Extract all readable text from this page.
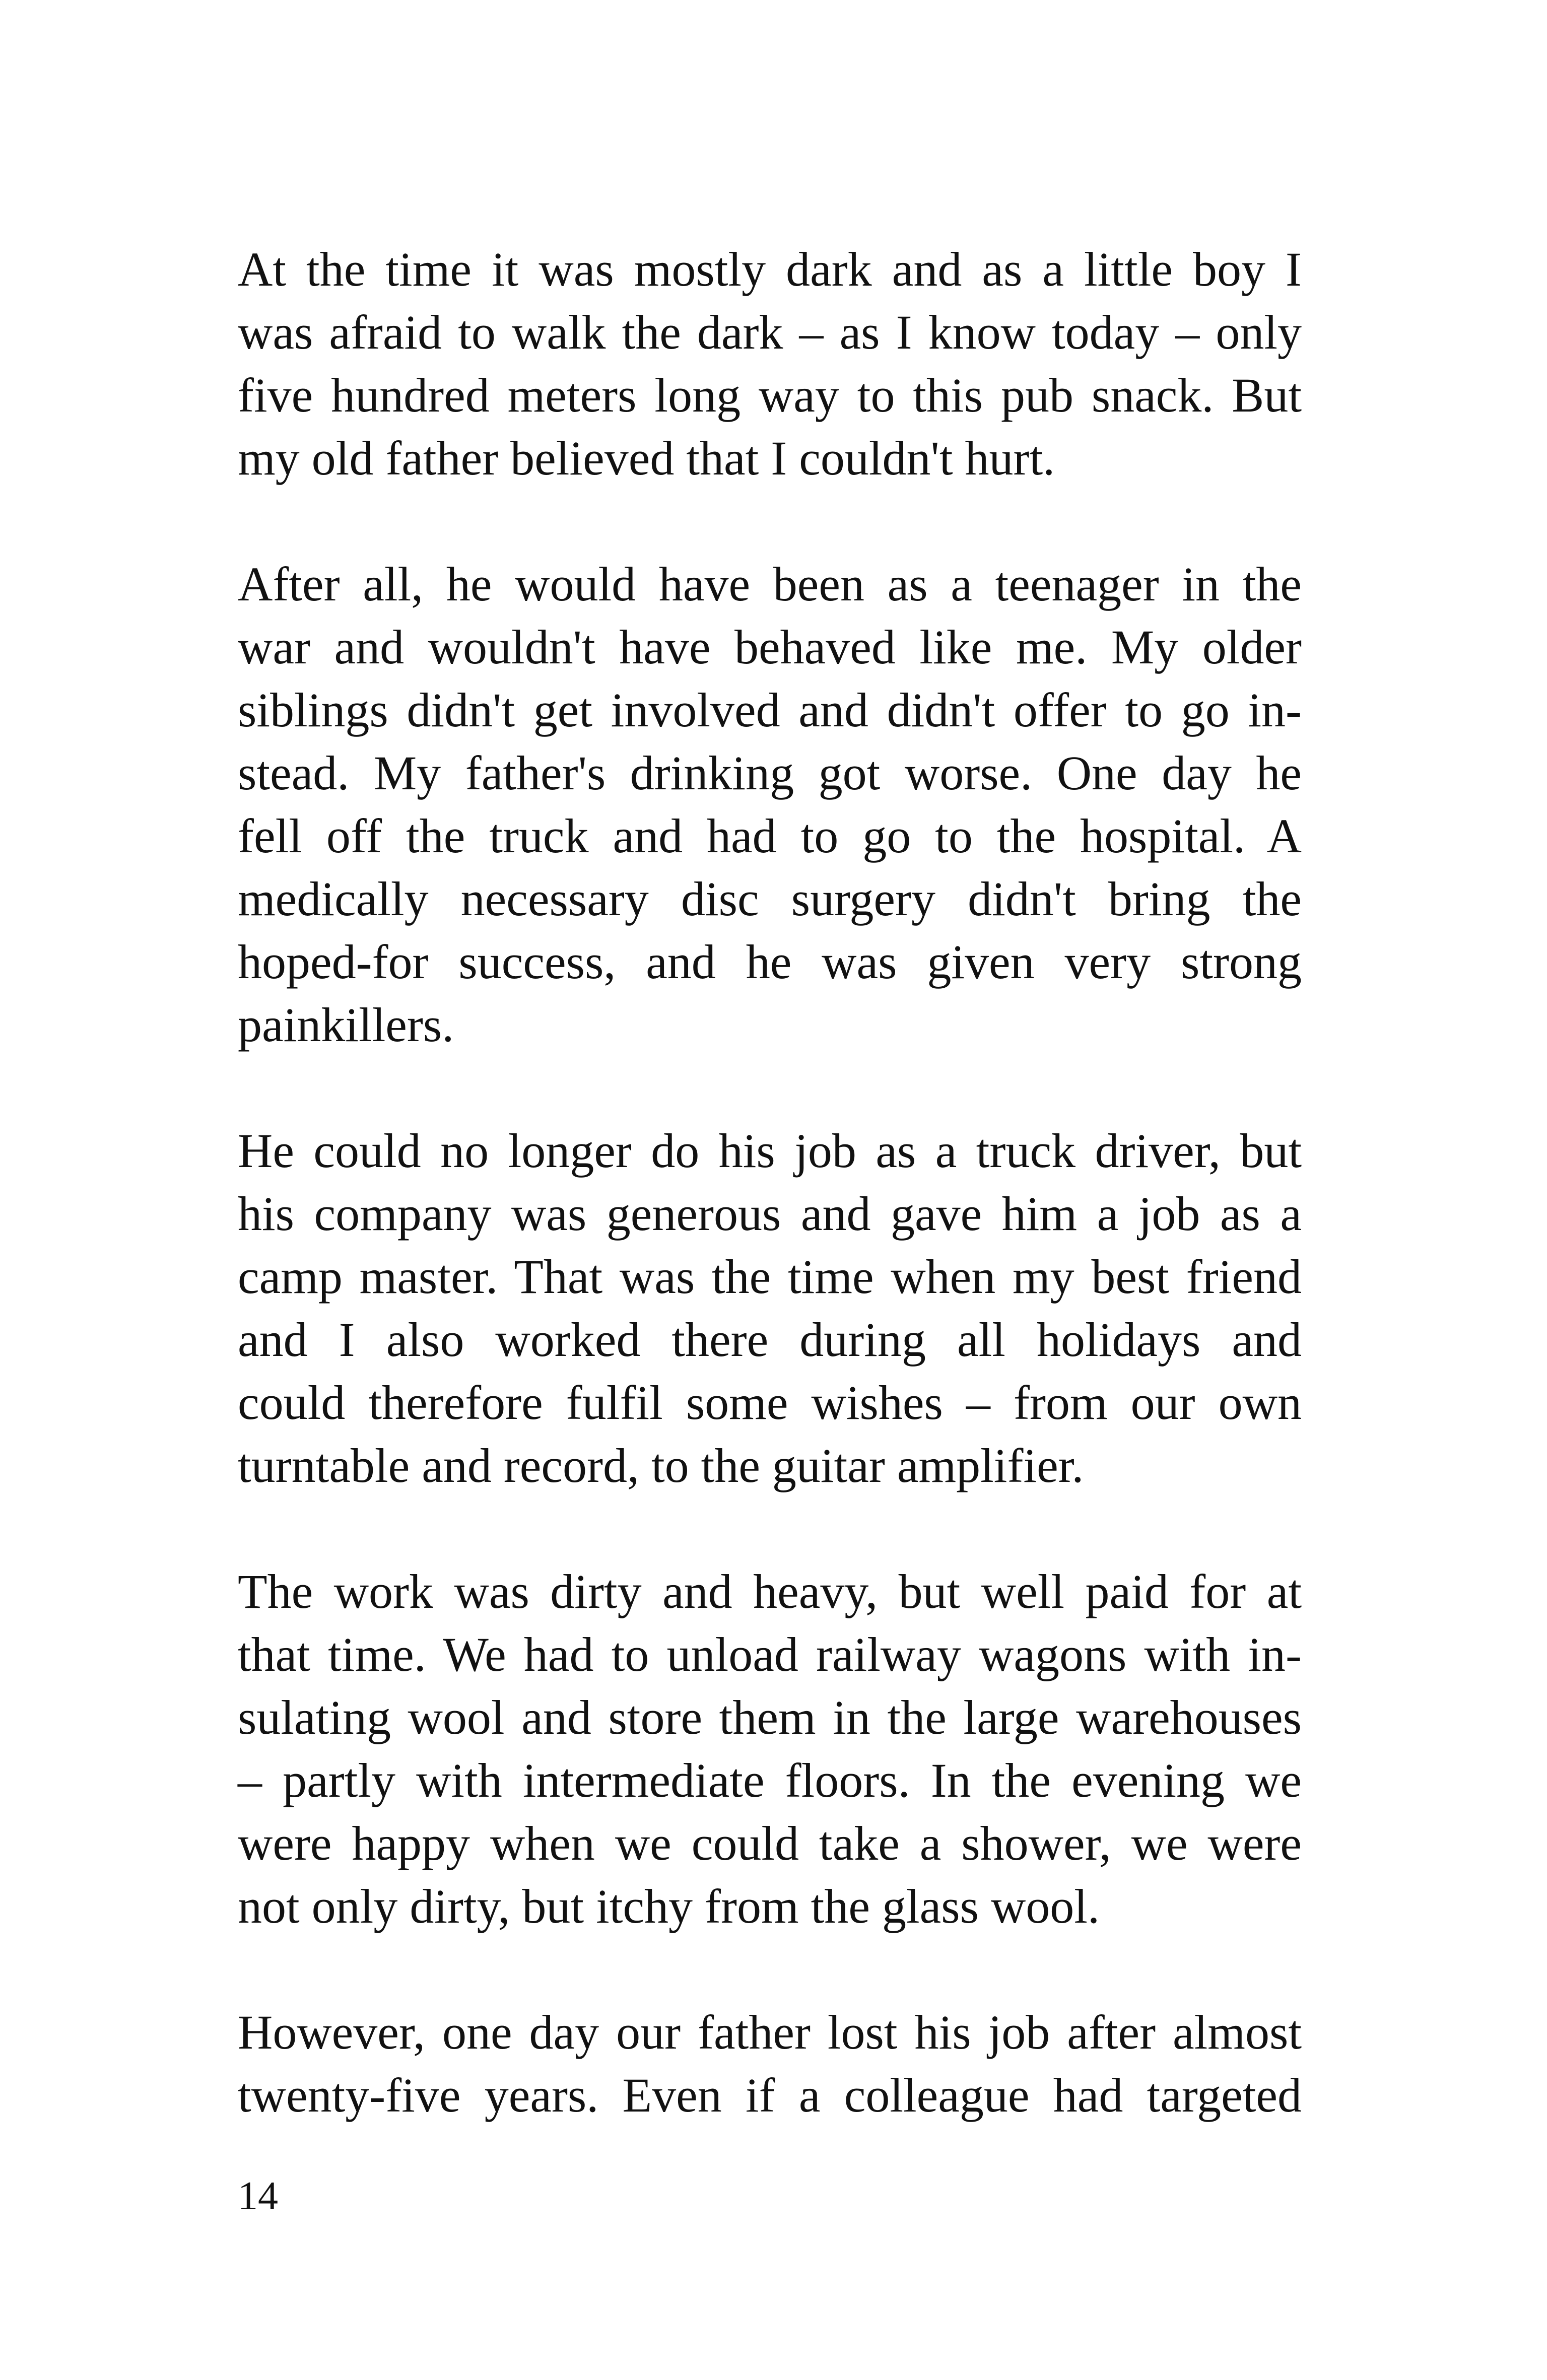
At the time it was mostly dark and as a little boy I
was afraid to walk the dark – as I know today – only
five hundred meters long way to this pub snack. But
my old father believed that I couldn't hurt.

After all, he would have been as a teenager in the
war and wouldn't have behaved like me. My older
siblings didn't get involved and didn't offer to go in-
stead. My father's drinking got worse. One day he
fell off the truck and had to go to the hospital. A
medically necessary disc surgery didn't bring the
hoped-for success, and he was given very strong
painkillers.

He could no longer do his job as a truck driver, but
his company was generous and gave him a job as a
camp master. That was the time when my best friend
and I also worked there during all holidays and
could therefore fulfil some wishes – from our own
turntable and record, to the guitar amplifier.

The work was dirty and heavy, but well paid for at
that time. We had to unload railway wagons with in-
sulating wool and store them in the large warehouses
– partly with intermediate floors. In the evening we
were happy when we could take a shower, we were
not only dirty, but itchy from the glass wool.

However, one day our father lost his job after almost
twenty-five years. Even if a colleague had targeted

14
